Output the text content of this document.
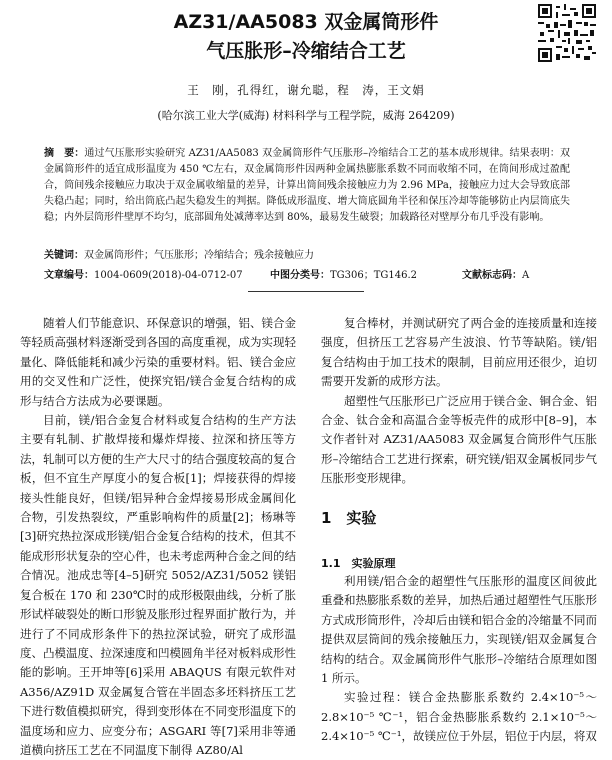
AZ31/AA5083 双金属筒形件

气压胀形–冷缩结合工艺

王　刚，孔得红，谢允聪，程　涛，王文娟
(哈尔滨工业大学(威海) 材料科学与工程学院，威海 264209)
摘　要：通过气压胀形实验研究 AZ31/AA5083 双金属筒形件气压胀形–冷缩结合工艺的基本成形规律。结果表明：双金属筒形件的适宜成形温度为 450 ℃左右，双金属筒形件因两种金属热膨胀系数不同而收缩不同，在筒间形成过盈配合，筒间残余接触应力取决于双金属收缩量的差异，计算出筒间残余接触应力为 2.96 MPa，接触应力过大会导致底部失稳凸起；同时，给出筒底凸起失稳发生的判据。降低成形温度、增大筒底圆角半径和保压冷却等能够防止内层筒底失稳；内外层筒形件壁厚不均匀，底部圆角处减薄率达到 80%，最易发生破裂；加载路径对壁厚分布几乎没有影响。
关键词：双金属筒形件；气压胀形；冷缩结合；残余接触应力
文章编号：1004-0609(2018)-04-0712-07	中图分类号：TG306；TG146.2	文献标志码：A

随着人们节能意识、环保意识的增强，铝、镁合金等轻质高强材料逐渐受到各国的高度重视，成为实现轻量化、降低能耗和减少污染的重要材料。铝、镁合金应用的交叉性和广泛性，使探究铝/镁合金复合结构的成形与结合方法成为必要课题。

目前，镁/铝合金复合材料或复合结构的生产方法主要有轧制、扩散焊接和爆炸焊接、拉深和挤压等方法，轧制可以方便的生产大尺寸的结合强度较高的复合板，但不宜生产厚度小的复合板[1]；焊接获得的焊接接头性能良好，但镁/铝异种合金焊接易形成金属间化合物，引发热裂纹，严重影响构件的质量[2]；杨琳等[3]研究热拉深成形镁/铝合金复合结构的技术，但其不能成形形状复杂的空心件，也未考虑两种合金之间的结合情况。池成忠等[4–5]研究 5052/AZ31/5052 镁铝复合板在 170 和 230℃时的成形极限曲线，分析了胀形试样破裂处的断口形貌及胀形过程界面扩散行为，并进行了不同成形条件下的热拉深试验，研究了成形温度、凸模温度、拉深速度和凹模圆角半径对板料成形性能的影响。王开坤等[6]采用 ABAQUS 有限元软件对 A356/AZ91D 双金属复合管在半固态多坯料挤压工艺下进行数值模拟研究，得到变形体在不同变形温度下的温度场和应力、应变分布；ASGARI 等[7]采用非等通道横向挤压工艺在不同温度下制得 AZ80/Al

复合棒材，并测试研究了两合金的连接质量和连接强度，但挤压工艺容易产生波浪、竹节等缺陷。镁/铝复合结构由于加工技术的限制，目前应用还很少，迫切需要开发新的成形方法。

超塑性气压胀形已广泛应用于镁合金、铜合金、铝合金、钛合金和高温合金等板壳件的成形中[8–9]，本文作者针对 AZ31/AA5083 双金属复合筒形件气压胀形–冷缩结合工艺进行探索，研究镁/铝双金属板同步气压胀形变形规律。

1　实验
1.1　实验原理

利用镁/铝合金的超塑性气压胀形的温度区间彼此重叠和热膨胀系数的差异，加热后通过超塑性气压胀形方式成形筒形件，冷却后由镁和铝合金的冷缩量不同而提供双层筒间的残余接触压力，实现镁/铝双金属复合结构的结合。双金属筒形件气胀形–冷缩结合原理如图 1 所示。

实验过程：镁合金热膨胀系数约 2.4×10⁻⁵～2.8×10⁻⁵ ℃⁻¹，铝合金热膨胀系数约 2.1×10⁻⁵～2.4×10⁻⁵ ℃⁻¹，故镁应位于外层，铝位于内层，将双
